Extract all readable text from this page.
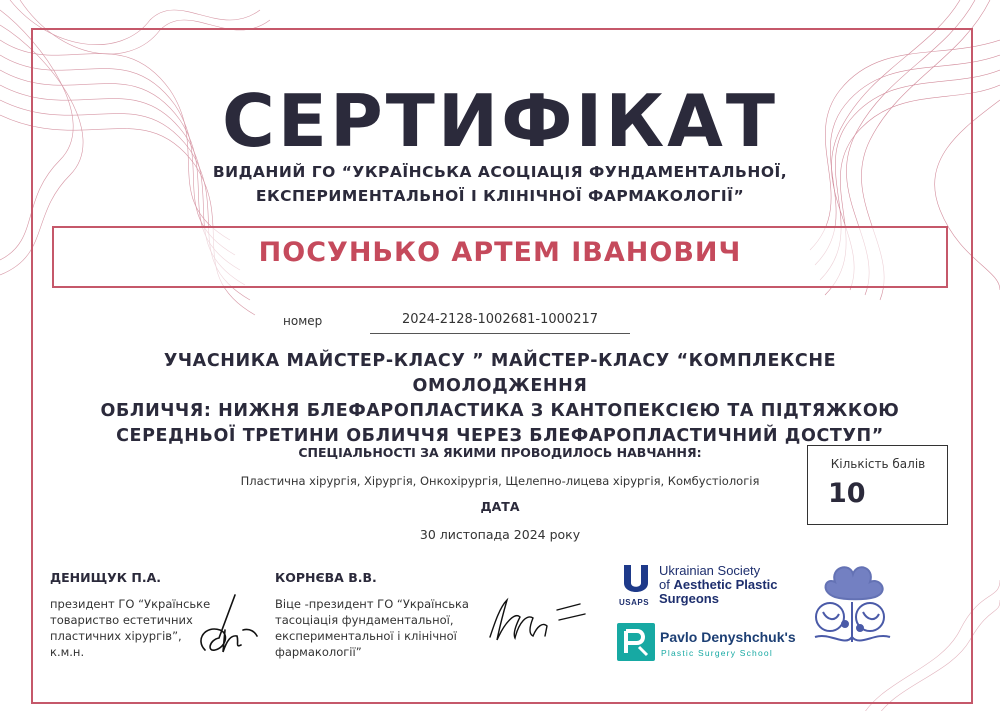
СЕРТИФІКАТ
ВИДАНИЙ ГО “УКРАЇНСЬКА АСОЦІАЦІЯ ФУНДАМЕНТАЛЬНОЇ,
ЕКСПЕРИМЕНТАЛЬНОЇ І КЛІНІЧНОЇ ФАРМАКОЛОГІЇ”
ПОСУНЬКО АРТЕМ ІВАНОВИЧ
номер	2024-2128-1002681-1000217
УЧАСНИКА МАЙСТЕР-КЛАСУ ” МАЙСТЕР-КЛАСУ “КОМПЛЕКСНЕ ОМОЛОДЖЕННЯ
ОБЛИЧЧЯ: НИЖНЯ БЛЕФАРОПЛАСТИКА З КАНТОПЕКСІЄЮ ТА ПІДТЯЖКОЮ
СЕРЕДНЬОЇ ТРЕТИНИ ОБЛИЧЧЯ ЧЕРЕЗ БЛЕФАРОПЛАСТИЧНИЙ ДОСТУП”
СПЕЦІАЛЬНОСТІ ЗА ЯКИМИ ПРОВОДИЛОСЬ НАВЧАННЯ:
Пластична хірургія, Хірургія, Онкохірургія, Щелепно-лицева хірургія, Комбустіологія
ДАТА
30 листопада 2024 року
Кількість балів
10
ДЕНИЩУК П.А.
президент ГО “Українське
товариство естетичних
пластичних хірургів”,
к.м.н.
КОРНЄВА В.В.
Віце -президент ГО “Українська
тасоціація фундаментальної,
експериментальної і клінічної
фармакології”
USAPS
Ukrainian Society
of Aesthetic Plastic
Surgeons
Pavlo Denyshchuk's
Plastic Surgery School
